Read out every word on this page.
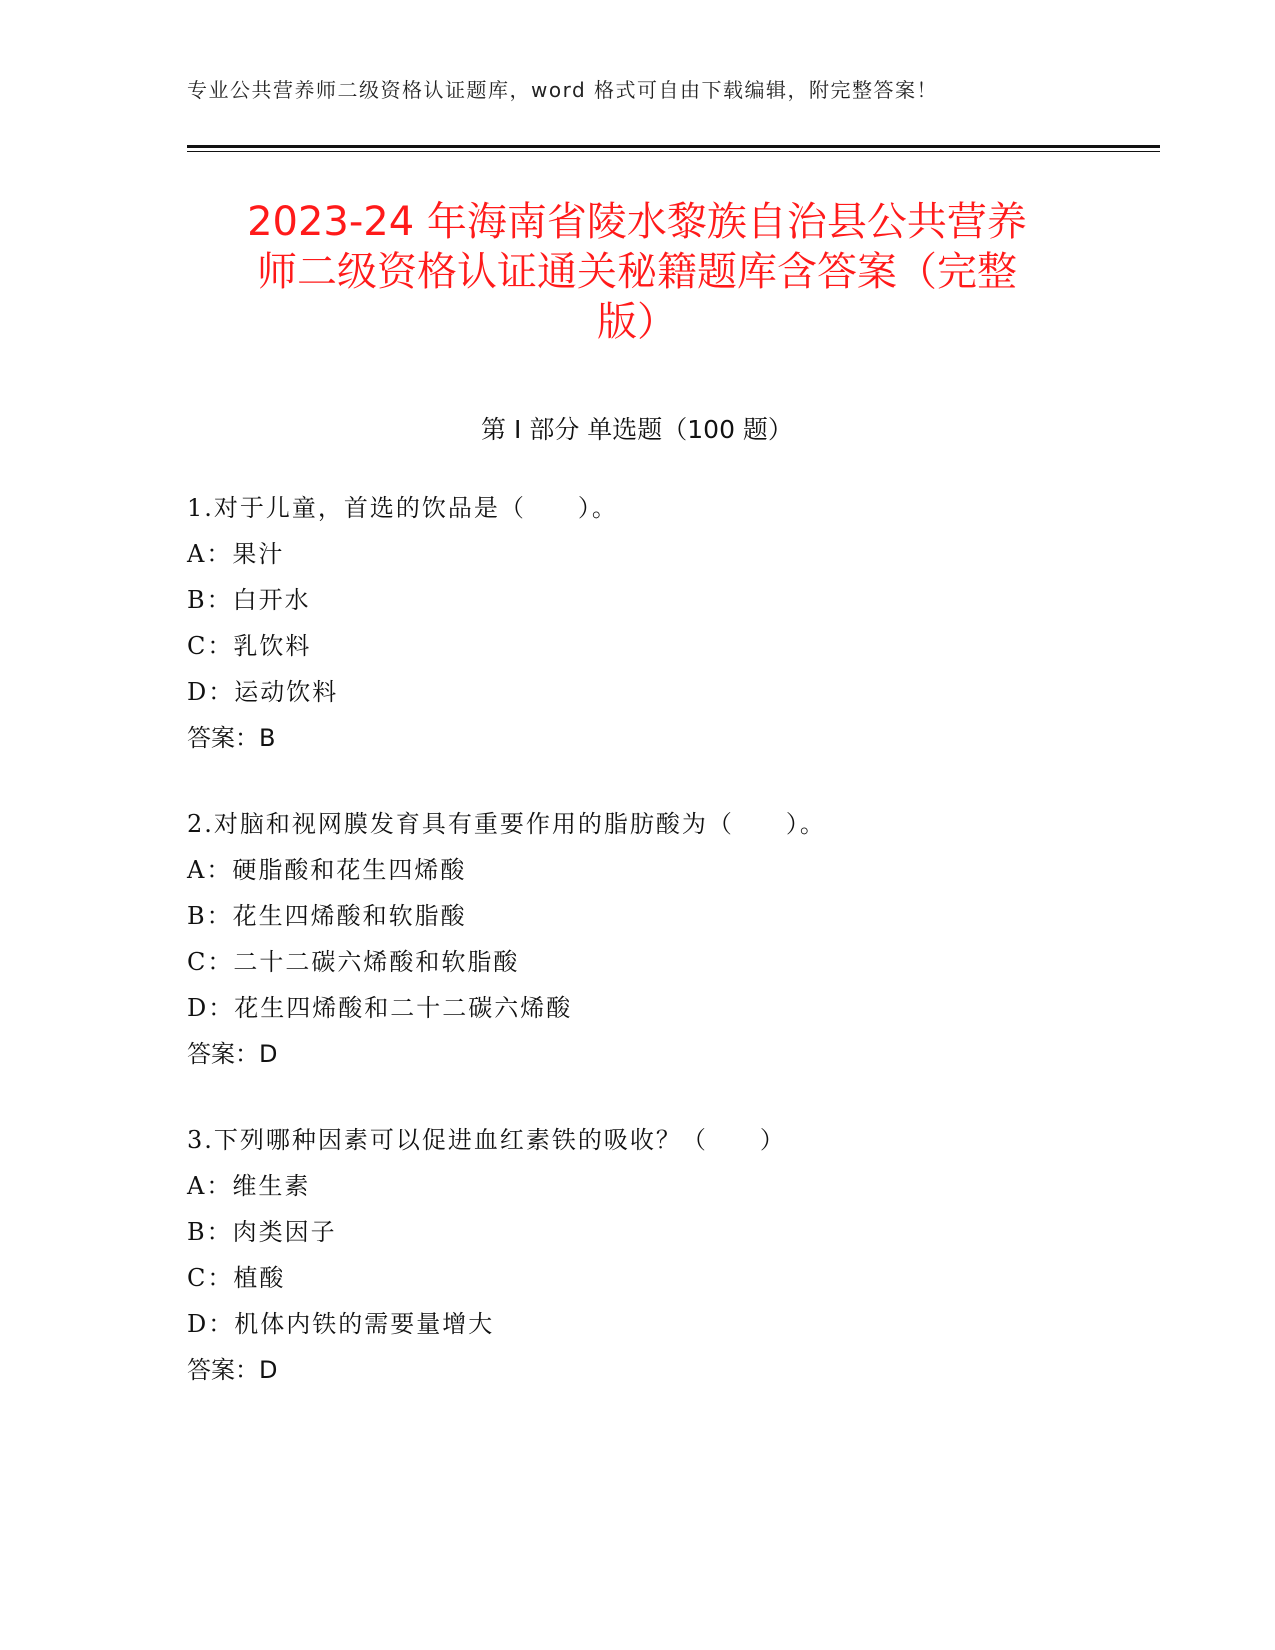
专业公共营养师二级资格认证题库，word 格式可自由下载编辑，附完整答案！
2023-24 年海南省陵水黎族自治县公共营养
师二级资格认证通关秘籍题库含答案（完整
版）
第 I 部分 单选题（100 题）
1.对于儿童，首选的饮品是（　　）。
A：果汁
B：白开水
C：乳饮料
D：运动饮料
答案：B
2.对脑和视网膜发育具有重要作用的脂肪酸为（　　）。
A：硬脂酸和花生四烯酸
B：花生四烯酸和软脂酸
C：二十二碳六烯酸和软脂酸
D：花生四烯酸和二十二碳六烯酸
答案：D
3.下列哪种因素可以促进血红素铁的吸收？（　　）
A：维生素
B：肉类因子
C：植酸
D：机体内铁的需要量增大
答案：D
